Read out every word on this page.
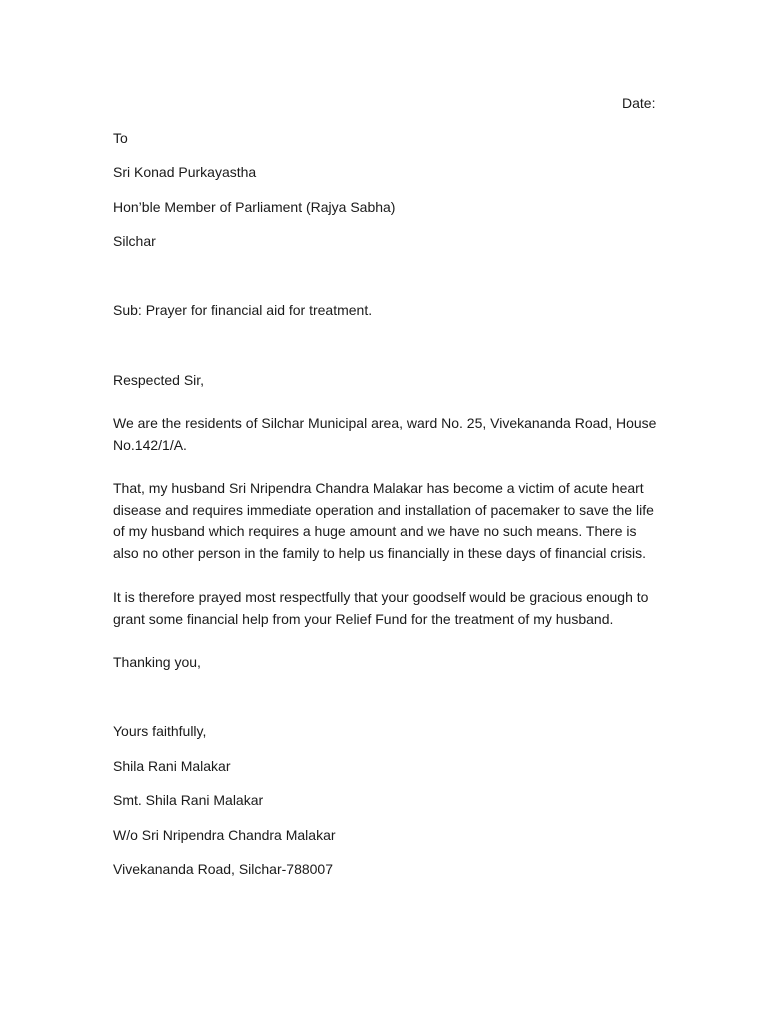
Date:
To
Sri Konad Purkayastha
Hon’ble Member of Parliament (Rajya Sabha)
Silchar
Sub: Prayer for financial aid for treatment.
Respected Sir,
We are the residents of Silchar Municipal area, ward No. 25, Vivekananda Road, House No.142/1/A.
That, my husband Sri Nripendra Chandra Malakar has become a victim of acute heart disease and requires immediate operation and installation of pacemaker to save the life of my husband which requires a huge amount and we have no such means. There is also no other person in the family to help us financially in these days of financial crisis.
It is therefore prayed most respectfully that your goodself would be gracious enough to grant some financial help from your Relief Fund for the treatment of my husband.
Thanking you,
Yours faithfully,
Shila Rani Malakar
Smt. Shila Rani Malakar
W/o Sri Nripendra Chandra Malakar
Vivekananda Road, Silchar-788007
